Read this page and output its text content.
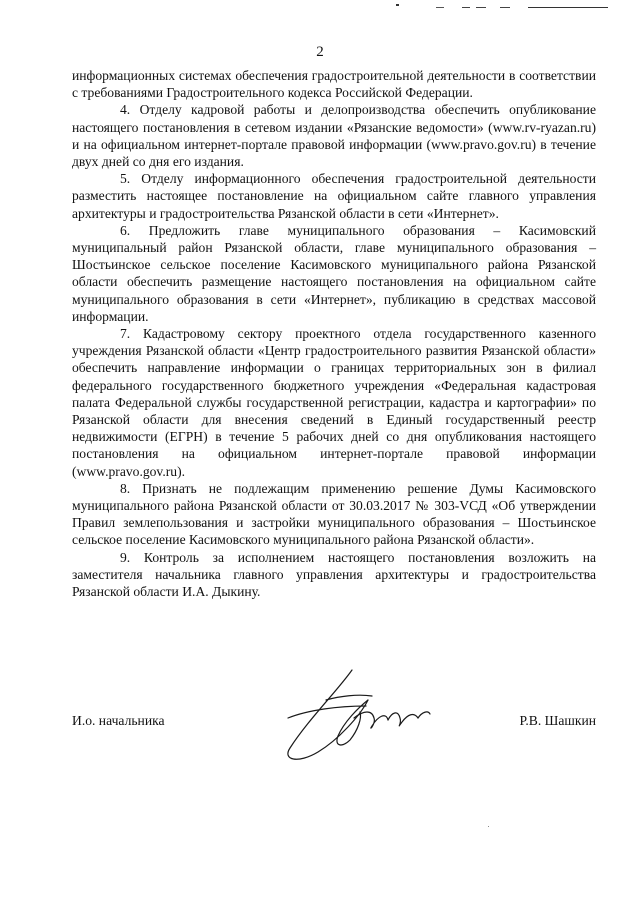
2

информационных системах обеспечения градостроительной деятельности в соответствии с требованиями Градостроительного кодекса Российской Федерации.

4. Отделу кадровой работы и делопроизводства обеспечить опубликование настоящего постановления в сетевом издании «Рязанские ведомости» (www.rv-ryazan.ru) и на официальном интернет-портале правовой информации (www.pravo.gov.ru) в течение двух дней со дня его издания.

5. Отделу информационного обеспечения градостроительной деятельности разместить настоящее постановление на официальном сайте главного управления архитектуры и градостроительства Рязанской области в сети «Интернет».

6. Предложить главе муниципального образования – Касимовский муниципальный район Рязанской области, главе муниципального образования – Шостьинское сельское поселение Касимовского муниципального района Рязанской области обеспечить размещение настоящего постановления на официальном сайте муниципального образования в сети «Интернет», публикацию в средствах массовой информации.

7. Кадастровому сектору проектного отдела государственного казенного учреждения Рязанской области «Центр градостроительного развития Рязанской области» обеспечить направление информации о границах территориальных зон в филиал федерального государственного бюджетного учреждения «Федеральная кадастровая палата Федеральной службы государственной регистрации, кадастра и картографии» по Рязанской области для внесения сведений в Единый государственный реестр недвижимости (ЕГРН) в течение 5 рабочих дней со дня опубликования настоящего постановления на официальном интернет-портале правовой информации (www.pravo.gov.ru).

8. Признать не подлежащим применению решение Думы Касимовского муниципального района Рязанской области от 30.03.2017 № 303-VСД «Об утверждении Правил землепользования и застройки муниципального образования – Шостьинское сельское поселение Касимовского муниципального района Рязанской области».

9. Контроль за исполнением настоящего постановления возложить на заместителя начальника главного управления архитектуры и градостроительства Рязанской области И.А. Дыкину.

И.о. начальника	Р.В. Шашкин
